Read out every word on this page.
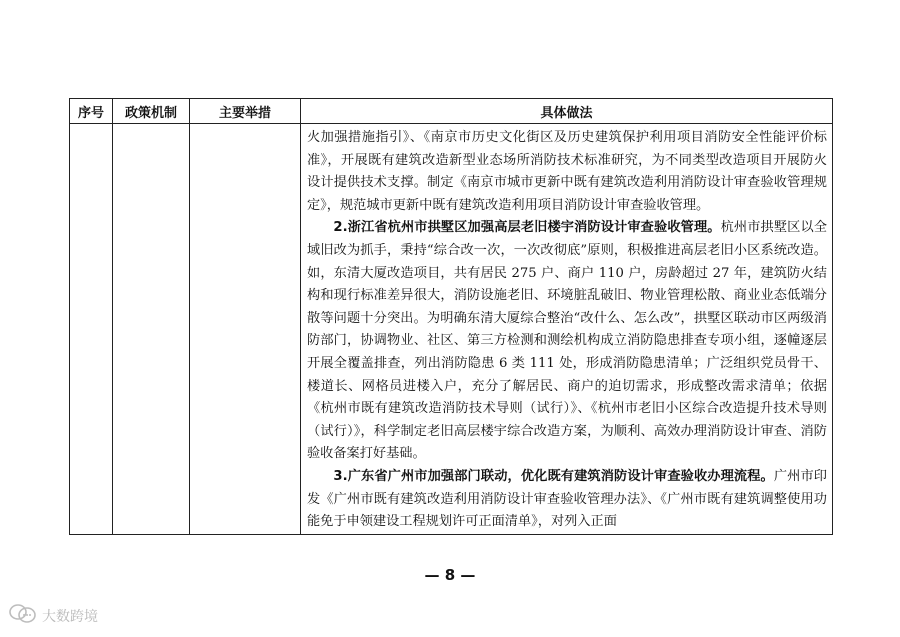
序号	政策机制	主要举措	具体做法

			火加强措施指引》、《南京市历史文化街区及历史建筑保护利用项目消防安全性能评价标准》，开展既有建筑改造新型业态场所消防技术标准研究，为不同类型改造项目开展防火设计提供技术支撑。制定《南京市城市更新中既有建筑改造利用消防设计审查验收管理规定》，规范城市更新中既有建筑改造利用项目消防设计审查验收管理。

2.浙江省杭州市拱墅区加强高层老旧楼宇消防设计审查验收管理。杭州市拱墅区以全域旧改为抓手，秉持“综合改一次，一次改彻底”原则，积极推进高层老旧小区系统改造。如，东清大厦改造项目，共有居民 275 户、商户 110 户，房龄超过 27 年，建筑防火结构和现行标准差异很大，消防设施老旧、环境脏乱破旧、物业管理松散、商业业态低端分散等问题十分突出。为明确东清大厦综合整治“改什么、怎么改”，拱墅区联动市区两级消防部门，协调物业、社区、第三方检测和测绘机构成立消防隐患排查专项小组，逐幢逐层开展全覆盖排查，列出消防隐患 6 类 111 处，形成消防隐患清单；广泛组织党员骨干、楼道长、网格员进楼入户，充分了解居民、商户的迫切需求，形成整改需求清单；依据《杭州市既有建筑改造消防技术导则（试行）》、《杭州市老旧小区综合改造提升技术导则（试行）》，科学制定老旧高层楼宇综合改造方案，为顺利、高效办理消防设计审查、消防验收备案打好基础。

3.广东省广州市加强部门联动，优化既有建筑消防设计审查验收办理流程。广州市印发《广州市既有建筑改造利用消防设计审查验收管理办法》、《广州市既有建筑调整使用功能免于申领建设工程规划许可正面清单》，对列入正面

— 8 —
大数跨境
